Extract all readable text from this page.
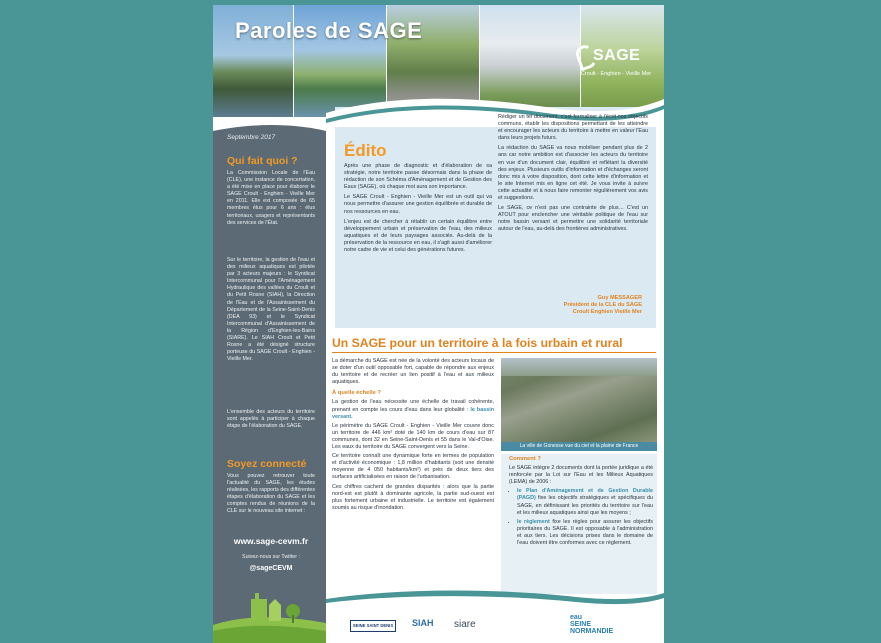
Paroles de SAGE
SAGE
Croult - Enghien - Vieille Mer
Septembre 2017
Qui fait quoi ?
La Commission Locale de l'Eau (CLE), une instance de concertation, a été mise en place pour élaborer le SAGE Croult - Enghien - Vieille Mer en 2011. Elle est composée de 65 membres élus pour 6 ans : élus territoriaux, usagers et représentants des services de l'État.
Sur le territoire, la gestion de l'eau et des milieux aquatiques est pilotée par 3 acteurs majeurs : le Syndicat Intercommunal pour l'Aménagement Hydraulique des vallées du Croult et du Petit Rosne (SIAH), la Direction de l'Eau et de l'Assainissement du Département de la Seine-Saint-Denis (DEA 93) et le Syndicat Intercommunal d'Assainissement de la Région d'Enghien-les-Bains (SIARE). Le SIAH Croult et Petit Rosne a été désigné structure porteuse du SAGE Croult - Enghien - Vieille Mer.
L'ensemble des acteurs du territoire sont appelés à participer à chaque étape de l'élaboration du SAGE.
Soyez connecté
Vous pouvez retrouver toute l'actualité du SAGE, les études réalisées, les rapports des différentes étapes d'élaboration du SAGE et les comptes rendus de réunions de la CLE sur le nouveau site internet :
www.sage-cevm.fr
Suivez-nous sur Twitter :
@sageCEVM
Édito

Après une phase de diagnostic et d'élaboration de sa stratégie, notre territoire passe désormais dans la phase de rédaction de son Schéma d'Aménagement et de Gestion des Eaux (SAGE), où chaque mot aura son importance.

Le SAGE Croult - Enghien - Vieille Mer est un outil qui va nous permettre d'assurer une gestion équilibrée et durable de nos ressources en eau.

L'enjeu est de chercher à rétablir un certain équilibre entre développement urbain et préservation de l'eau, des milieux aquatiques et de leurs paysages associés. Au-delà de la préservation de la ressource en eau, il s'agit aussi d'améliorer notre cadre de vie et celui des générations futures.

Rédiger un tel document, c'est formaliser à l'écrit nos objectifs communs, établir les dispositions permettant de les atteindre et encourager les acteurs du territoire à mettre en valeur l'Eau dans leurs projets futurs.

La rédaction du SAGE va nous mobiliser pendant plus de 2 ans car notre ambition est d'associer les acteurs du territoire en vue d'un document clair, équilibré et reflétant la diversité des enjeux. Plusieurs outils d'information et d'échanges seront donc mis à votre disposition, dont cette lettre d'information et le site Internet mis en ligne cet été. Je vous invite à suivre cette actualité et à nous faire remonter régulièrement vos avis et suggestions.

Le SAGE, ce n'est pas une contrainte de plus… C'est un ATOUT pour enclencher une véritable politique de l'eau sur notre bassin versant et permettre une solidarité territoriale autour de l'eau, au-delà des frontières administratives.

Guy MESSAGER
Président de la CLE du SAGE
Croult Enghien Vieille Mer
Un SAGE pour un territoire à la fois urbain et rural

La démarche du SAGE est née de la volonté des acteurs locaux de se doter d'un outil opposable fort, capable de répondre aux enjeux du territoire et de recréer un lien positif à l'eau et aux milieux aquatiques.

À quelle échelle ?

La gestion de l'eau nécessite une échelle de travail cohérente, prenant en compte les cours d'eau dans leur globalité : le bassin versant.

Le périmètre du SAGE Croult - Enghien - Vieille Mer couvre donc un territoire de 446 km² doté de 140 km de cours d'eau sur 87 communes, dont 32 en Seine-Saint-Denis et 55 dans le Val-d'Oise. Les eaux du territoire du SAGE convergent vers la Seine.

Ce territoire connaît une dynamique forte en termes de population et d'activité économique : 1,8 million d'habitants (soit une densité moyenne de 4 050 habitants/km²) et près de deux tiers des surfaces artificialisées en raison de l'urbanisation.

Ces chiffres cachent de grandes disparités : alors que la partie nord-est est plutôt à dominante agricole, la partie sud-ouest est plus fortement urbaine et industrielle. Le territoire est également soumis au risque d'inondation.

La ville de Gonesse vue du ciel et la plaine de France

Comment ?

Le SAGE intègre 2 documents dont la portée juridique a été renforcée par la Loi sur l'Eau et les Milieux Aquatiques (LEMA) de 2006 :

• le Plan d'Aménagement et de Gestion Durable (PAGD) fixe les objectifs stratégiques et spécifiques du SAGE, en définissant les priorités du territoire sur l'eau et les milieux aquatiques ainsi que les moyens ;
• le règlement fixe les règles pour assurer les objectifs prioritaires du SAGE. Il est opposable à l'administration et aux tiers. Les décisions prises dans le domaine de l'eau doivent être conformes avec ce règlement.
SEINE SAINT DENIS	SIAH siare
eau SEINE NORMANDIE
